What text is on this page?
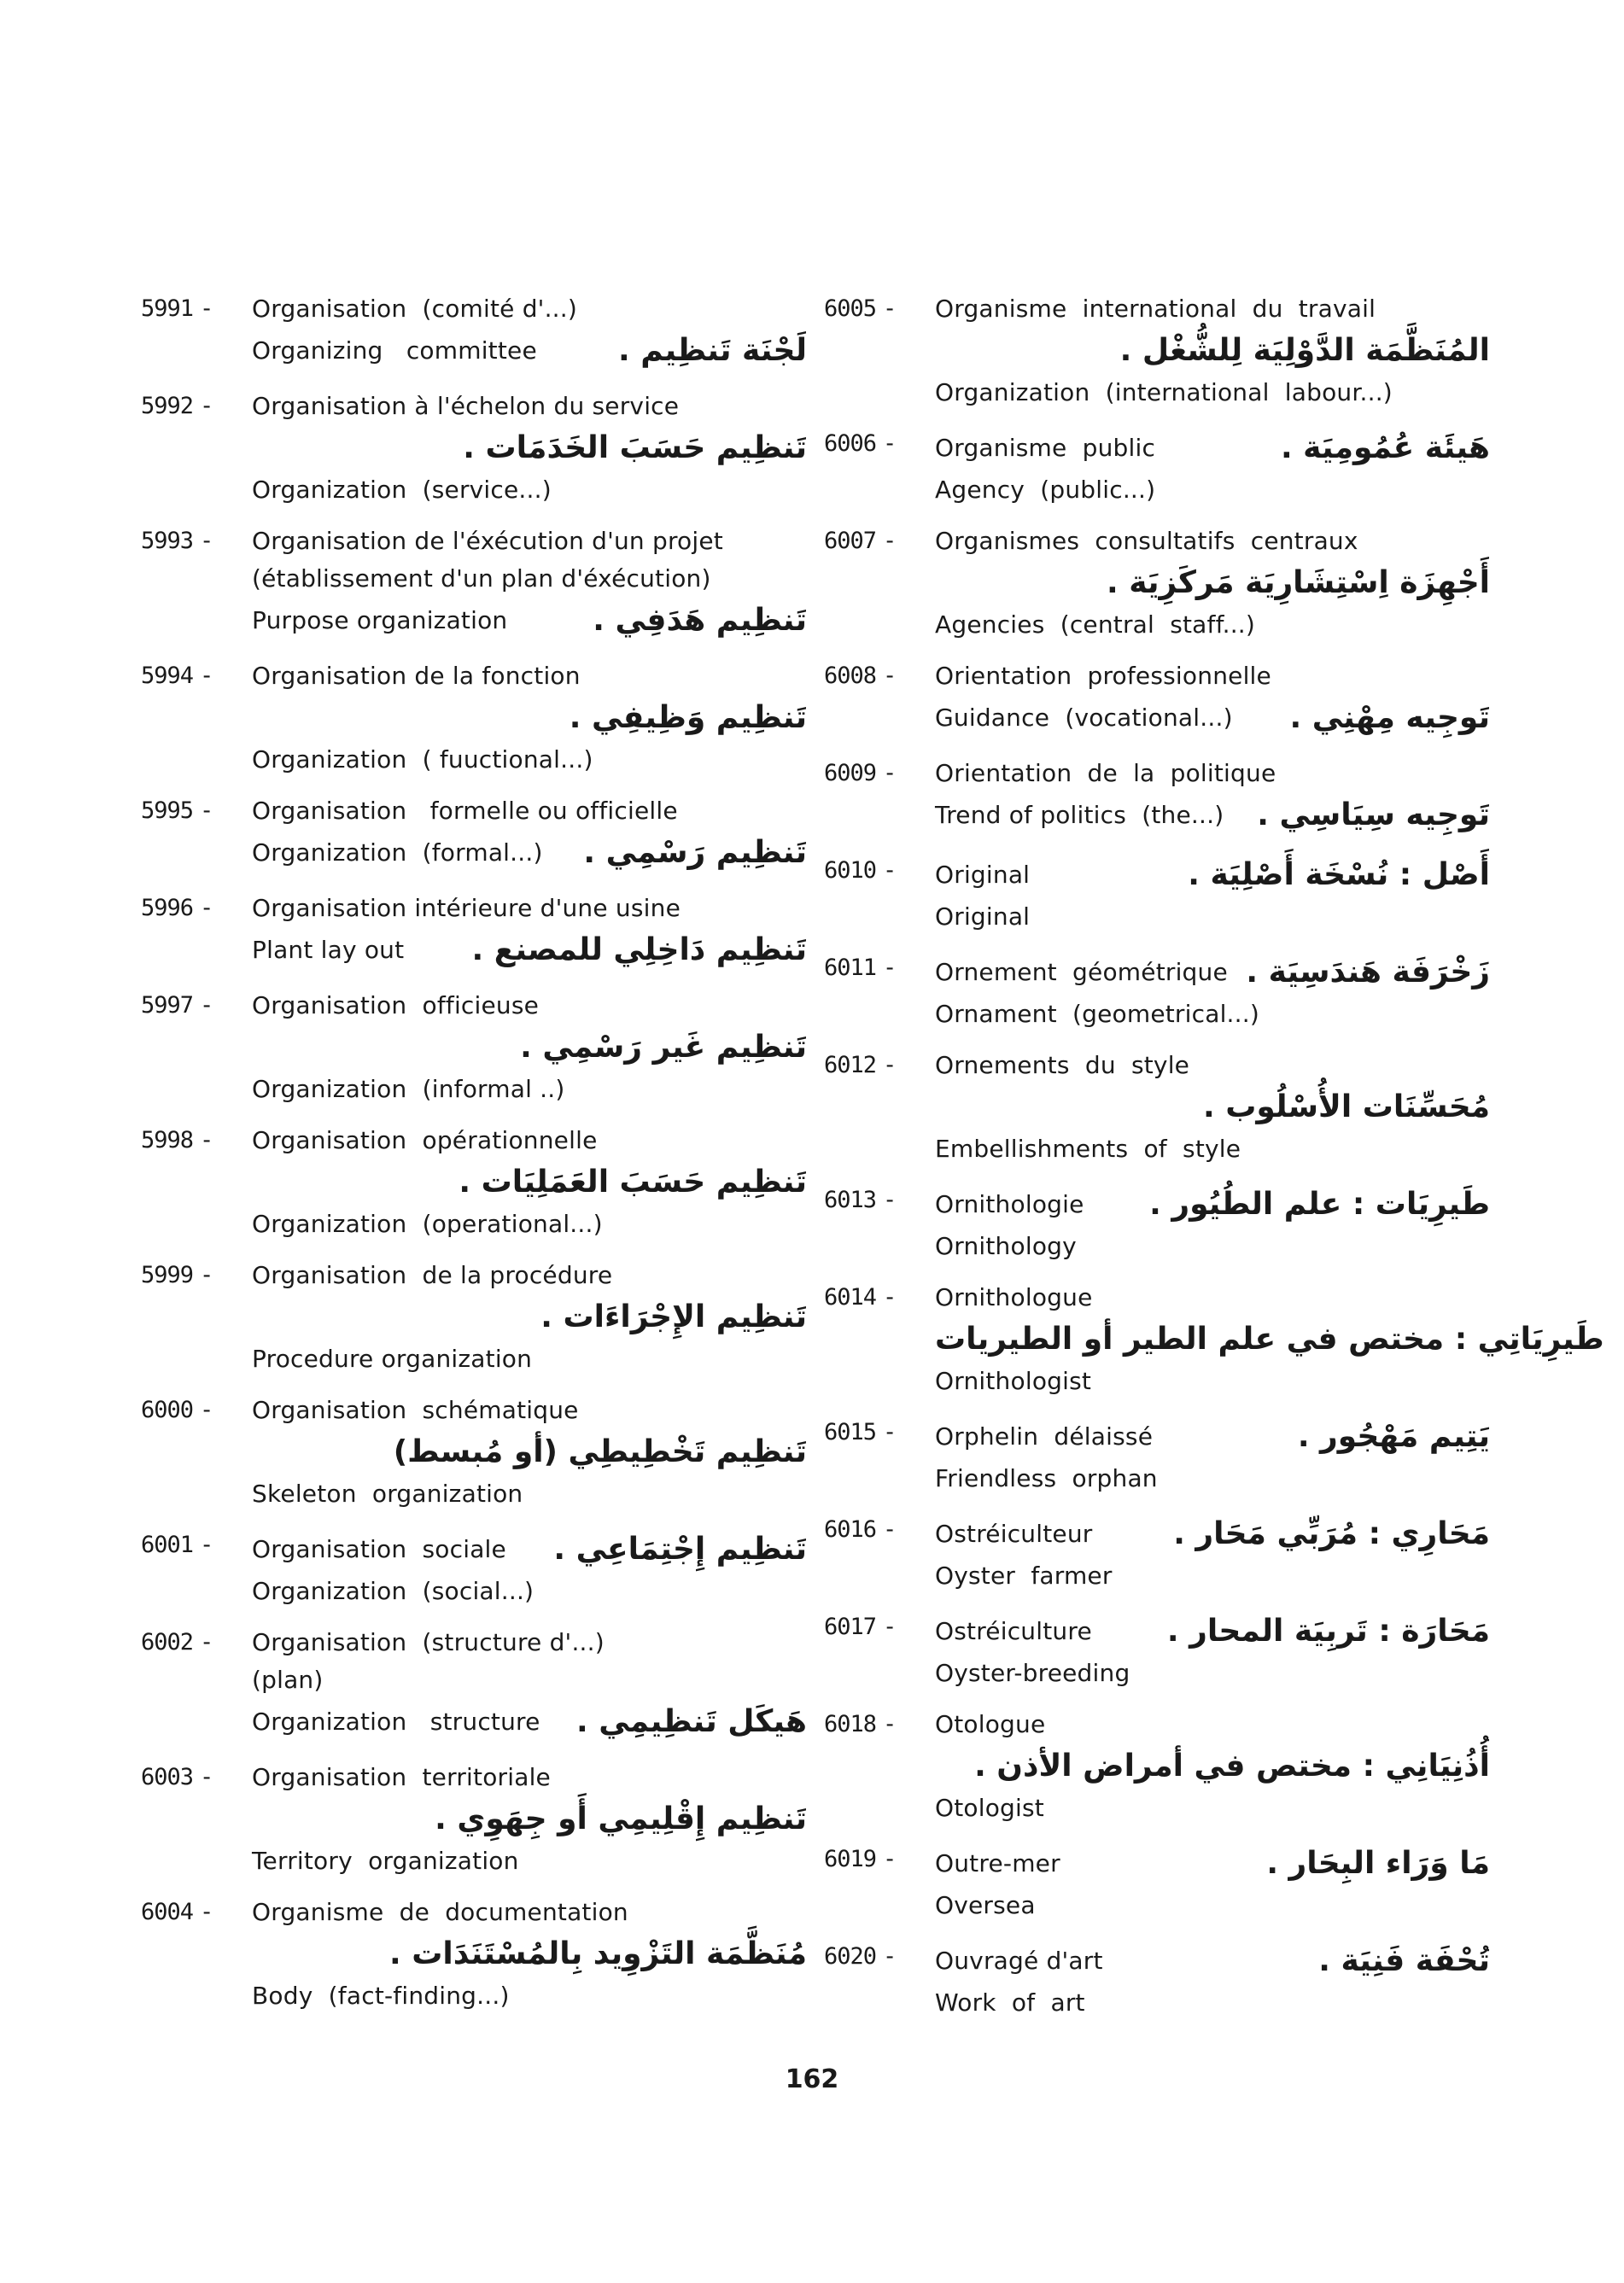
5991 -	Organisation  (comité d'...)
Organizing   committee	لَجْنَة تَنظِيم .
5992 -	Organisation à l'échelon du service
تَنظِيم حَسَبَ الخَدَمَات .
Organization  (service...)
5993 -	Organisation de l'éxécution d'un projet
(établissement d'un plan d'éxécution)
Purpose organization	تَنظِيم هَدَفِي .
5994 -	Organisation de la fonction
تَنظِيم وَظِيفِي .
Organization  ( fuuctional...)
5995 -	Organisation   formelle ou officielle
Organization  (formal...) تَنظِيم رَسْمِي .
5996 -	Organisation intérieure d'une usine
Plant lay out تَنظِيم دَاخِلِي للمصنع .
5997 -	Organisation  officieuse
تَنظِيم غَير رَسْمِي .
Organization  (informal ..)
5998 -	Organisation  opérationnelle
تَنظِيم حَسَبَ العَمَلِيَات .
Organization  (operational...)
5999 -	Organisation  de la procédure
تَنظِيم الإِجْرَاءَات .
Procedure organization
6000 -	Organisation  schématique
تَنظِيم تَخْطِيطِي (أو مُبسط)
Skeleton  organization
6001 -	Organisation  sociale تَنظِيم إِجْتِمَاعِي .
Organization  (social...)
6002 -	Organisation  (structure d'...)
(plan)
Organization   structure هَيكَل تَنظِيمِي .
6003 -	Organisation  territoriale
تَنظِيم إِقْلِيمِي أَو جِهَوِي .
Territory  organization
6004 -	Organisme  de  documentation
مُنَظَّمَة التَزْوِيد بِالمُسْتَنَدَات .
Body  (fact-finding...)
6005 -	Organisme  international  du  travail
المُنَظَّمَة الدَّوْلِيَة لِلشُّغْل .
Organization  (international  labour...)
6006 -	Organisme  public	هَيئَة عُمُومِيَة .
Agency  (public...)
6007 -	Organismes  consultatifs  centraux
أَجْهِزَة اِسْتِشَارِيَة مَركَزِيَة .
Agencies  (central  staff...)
6008 -	Orientation  professionnelle
Guidance  (vocational...) تَوجِيه مِهْنِي .
6009 -	Orientation  de  la  politique
Trend of politics  (the...) تَوجِيه سِيَاسِي .
6010 -	Original	أَصْل : نُسْخَة أَصْلِيَة .
Original
6011 -	Ornement  géométrique زَخْرَفَة هَندَسِيَة .
Ornament  (geometrical...)
6012 -	Ornements  du  style
مُحَسِّنَات الأُسْلُوب .
Embellishments  of  style
6013 -	Ornithologie طَيرِيَات : علم الطُيُور .
Ornithology
6014 -	Ornithologue
طَيرِيَاتِي : مختص في علم الطير أو الطيريات
Ornithologist
6015 -	Orphelin  délaissé	يَتِيم مَهْجُور .
Friendless  orphan
6016 -	Ostréiculteur	مَحَارِي : مُرَبِّي مَحَار .
Oyster  farmer
6017 -	Ostréiculture مَحَارَة : تَربِيَة المحار .
Oyster-breeding
6018 -	Otologue
أُذُنِيَانِي : مختص في أمراض الأذن .
Otologist
6019 -	Outre-mer	مَا وَرَاء البِحَار .
Oversea
6020 -	Ouvragé d'art	تُحْفَة فَنِيَة .
Work  of  art
162
